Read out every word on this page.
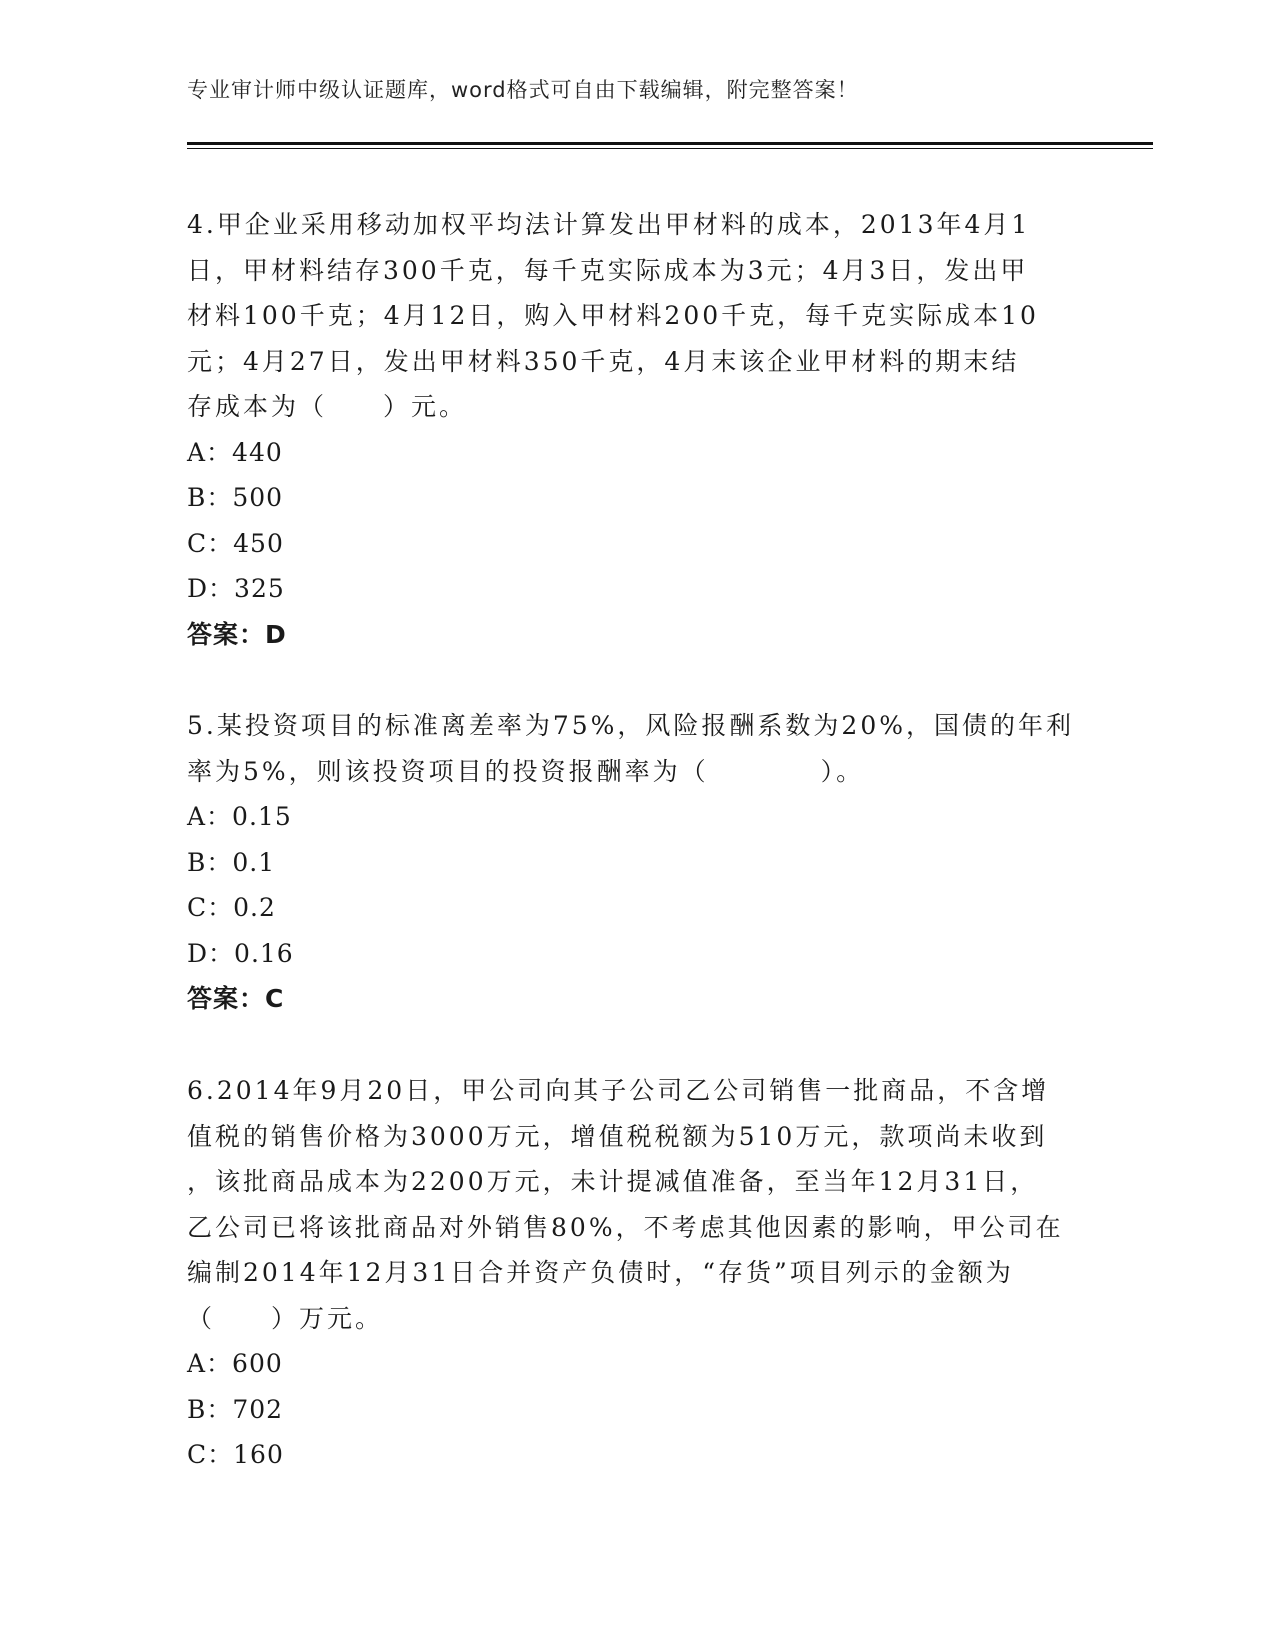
专业审计师中级认证题库，word格式可自由下载编辑，附完整答案！
4.甲企业采用移动加权平均法计算发出甲材料的成本，2013年4月1
日，甲材料结存300千克，每千克实际成本为3元；4月3日，发出甲
材料100千克；4月12日，购入甲材料200千克，每千克实际成本10
元；4月27日，发出甲材料350千克，4月末该企业甲材料的期末结
存成本为（　　）元。
A：440
B：500
C：450
D：325
答案：D
5.某投资项目的标准离差率为75%，风险报酬系数为20%，国债的年利
率为5%，则该投资项目的投资报酬率为（　　　　）。
A：0.15
B：0.1
C：0.2
D：0.16
答案：C
6.2014年9月20日，甲公司向其子公司乙公司销售一批商品，不含增
值税的销售价格为3000万元，增值税税额为510万元，款项尚未收到
，该批商品成本为2200万元，未计提减值准备，至当年12月31日，
乙公司已将该批商品对外销售80%，不考虑其他因素的影响，甲公司在
编制2014年12月31日合并资产负债时，“存货”项目列示的金额为
（　　）万元。
A：600
B：702
C：160
